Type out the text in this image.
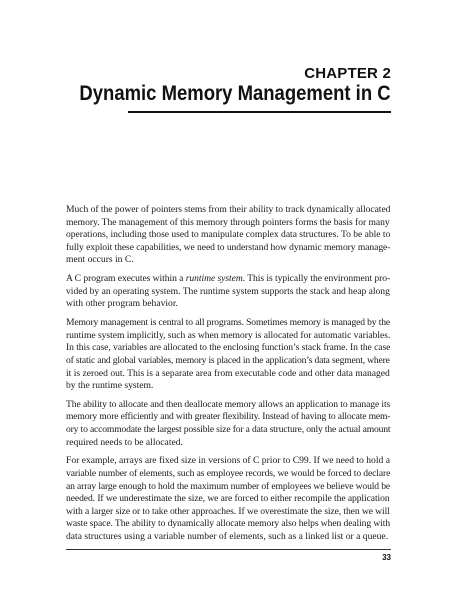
CHAPTER 2
Dynamic Memory Management in C
Much of the power of pointers stems from their ability to track dynamically allocated
memory. The management of this memory through pointers forms the basis for many
operations, including those used to manipulate complex data structures. To be able to
fully exploit these capabilities, we need to understand how dynamic memory manage-
ment occurs in C.
A C program executes within a runtime system. This is typically the environment pro-
vided by an operating system. The runtime system supports the stack and heap along
with other program behavior.
Memory management is central to all programs. Sometimes memory is managed by the
runtime system implicitly, such as when memory is allocated for automatic variables.
In this case, variables are allocated to the enclosing function’s stack frame. In the case
of static and global variables, memory is placed in the application’s data segment, where
it is zeroed out. This is a separate area from executable code and other data managed
by the runtime system.
The ability to allocate and then deallocate memory allows an application to manage its
memory more efficiently and with greater flexibility. Instead of having to allocate mem-
ory to accommodate the largest possible size for a data structure, only the actual amount
required needs to be allocated.
For example, arrays are fixed size in versions of C prior to C99. If we need to hold a
variable number of elements, such as employee records, we would be forced to declare
an array large enough to hold the maximum number of employees we believe would be
needed. If we underestimate the size, we are forced to either recompile the application
with a larger size or to take other approaches. If we overestimate the size, then we will
waste space. The ability to dynamically allocate memory also helps when dealing with
data structures using a variable number of elements, such as a linked list or a queue.
33
